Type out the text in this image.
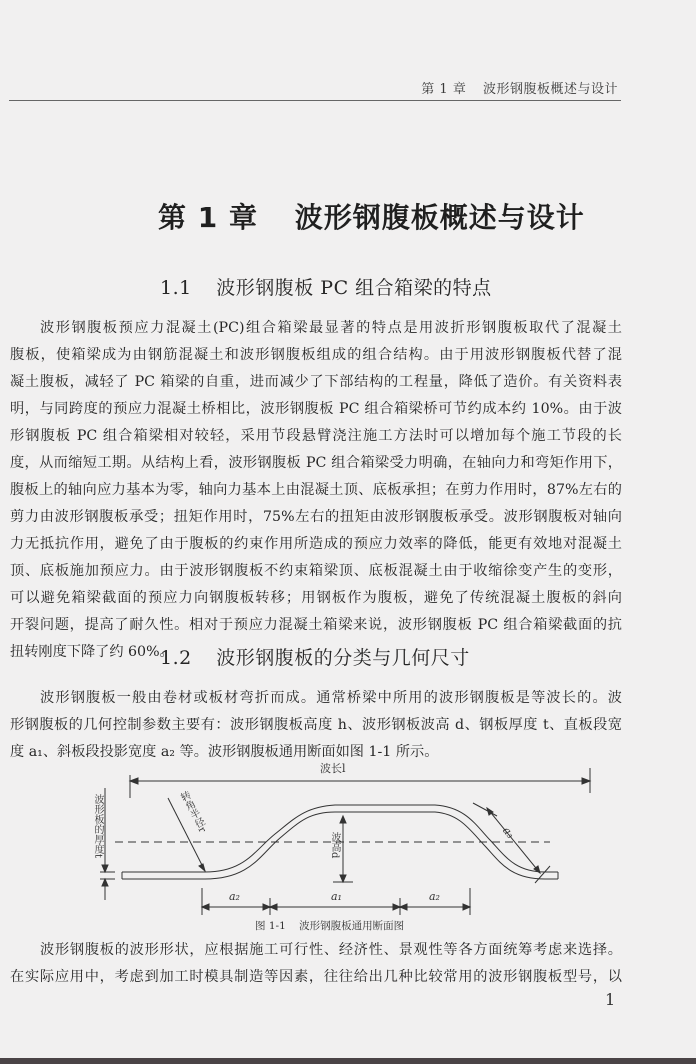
第 1 章 波形钢腹板概述与设计
第 1 章 波形钢腹板概述与设计
1.1 波形钢腹板 PC 组合箱梁的特点
波形钢腹板预应力混凝土(PC)组合箱梁最显著的特点是用波折形钢腹板取代了混凝土
腹板，使箱梁成为由钢筋混凝土和波形钢腹板组成的组合结构。由于用波形钢腹板代替了混
凝土腹板，减轻了 PC 箱梁的自重，进而减少了下部结构的工程量，降低了造价。有关资料表
明，与同跨度的预应力混凝土桥相比，波形钢腹板 PC 组合箱梁桥可节约成本约 10%。由于波
形钢腹板 PC 组合箱梁相对较轻，采用节段悬臂浇注施工方法时可以增加每个施工节段的长
度，从而缩短工期。从结构上看，波形钢腹板 PC 组合箱梁受力明确，在轴向力和弯矩作用下，
腹板上的轴向应力基本为零，轴向力基本上由混凝土顶、底板承担；在剪力作用时，87%左右的
剪力由波形钢腹板承受；扭矩作用时，75%左右的扭矩由波形钢腹板承受。波形钢腹板对轴向
力无抵抗作用，避免了由于腹板的约束作用所造成的预应力效率的降低，能更有效地对混凝土
顶、底板施加预应力。由于波形钢腹板不约束箱梁顶、底板混凝土由于收缩徐变产生的变形，
可以避免箱梁截面的预应力向钢腹板转移；用钢板作为腹板，避免了传统混凝土腹板的斜向
开裂问题，提高了耐久性。相对于预应力混凝土箱梁来说，波形钢腹板 PC 组合箱梁截面的抗
扭转刚度下降了约 60%。
1.2 波形钢腹板的分类与几何尺寸
波形钢腹板一般由卷材或板材弯折而成。通常桥梁中所用的波形钢腹板是等波长的。波
形钢腹板的几何控制参数主要有：波形钢腹板高度 h、波形钢板波高 d、钢板厚度 t、直板段宽
度 a₁、斜板段投影宽度 a₂ 等。波形钢腹板通用断面如图 1-1 所示。
波长l
波形板的厚度t	转角半径r
波高d
a₂	a₁	a₂
a₃
图 1-1 波形钢腹板通用断面图
波形钢腹板的波形形状，应根据施工可行性、经济性、景观性等各方面统筹考虑来选择。
在实际应用中，考虑到加工时模具制造等因素，往往给出几种比较常用的波形钢腹板型号，以
1
